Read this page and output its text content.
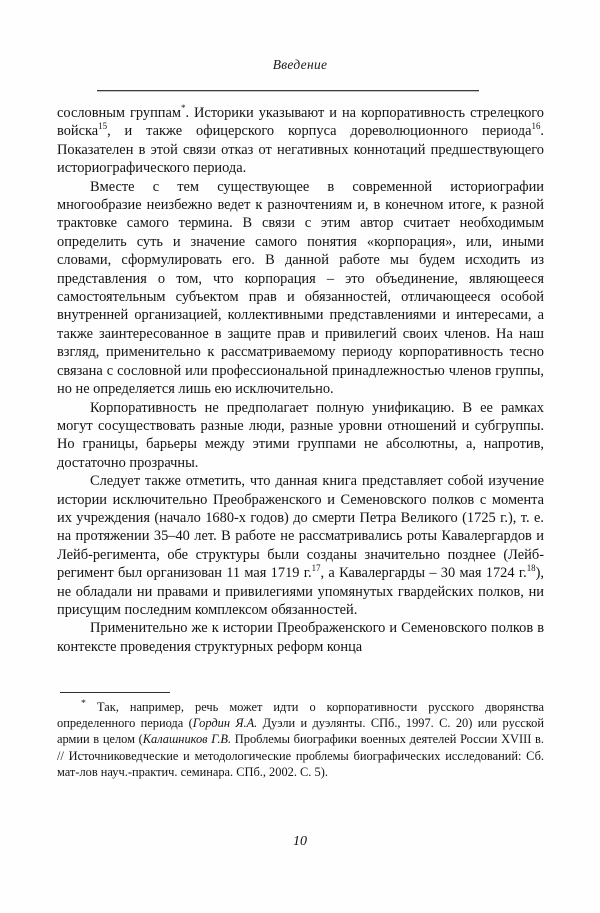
Введение

сословным группам*. Историки указывают и на корпоративность стрелецкого войска$^{15}$, и также офицерского корпуса дореволюционного периода$^{16}$. Показателен в этой связи отказ от негативных коннотаций предшествующего историографического периода.

Вместе с тем существующее в современной историографии многообразие неизбежно ведет к разночтениям и, в конечном итоге, к разной трактовке самого термина. В связи с этим автор считает необходимым определить суть и значение самого понятия «корпорация», или, иными словами, сформулировать его. В данной работе мы будем исходить из представления о том, что корпорация – это объединение, являющееся самостоятельным субъектом прав и обязанностей, отличающееся особой внутренней организацией, коллективными представлениями и интересами, а также заинтересованное в защите прав и привилегий своих членов. На наш взгляд, применительно к рассматриваемому периоду корпоративность тесно связана с сословной или профессиональной принадлежностью членов группы, но не определяется лишь ею исключительно.

Корпоративность не предполагает полную унификацию. В ее рамках могут сосуществовать разные люди, разные уровни отношений и субгруппы. Но границы, барьеры между этими группами не абсолютны, а, напротив, достаточно прозрачны.

Следует также отметить, что данная книга представляет собой изучение истории исключительно Преображенского и Семеновского полков с момента их учреждения (начало 1680-х годов) до смерти Петра Великого (1725 г.), т. е. на протяжении 35–40 лет. В работе не рассматривались роты Кавалергардов и Лейб-регимента, обе структуры были созданы значительно позднее (Лейб-регимент был организован 11 мая 1719 г.$^{17}$, а Кавалергарды – 30 мая 1724 г.$^{18}$), не обладали ни правами и привилегиями упомянутых гвардейских полков, ни присущим последним комплексом обязанностей.

Применительно же к истории Преображенского и Семеновского полков в контексте проведения структурных реформ конца

* Так, например, речь может идти о корпоративности русского дворянства определенного периода (Гордин Я.А. Дуэли и дуэлянты. СПб., 1997. С. 20) или русской армии в целом (Калашников Г.В. Проблемы биографики военных деятелей России XVIII в. // Источниковедческие и методологические проблемы биографических исследований: Сб. мат-лов науч.-практич. семинара. СПб., 2002. С. 5).

10
